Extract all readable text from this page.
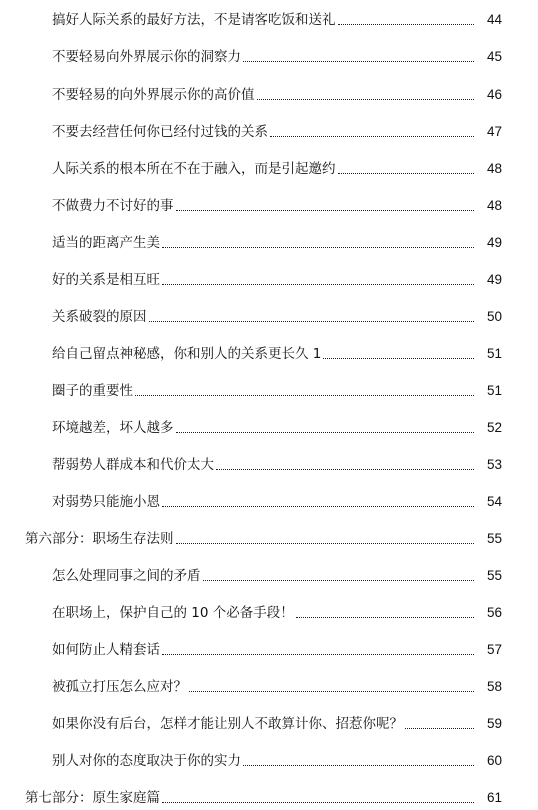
搞好人际关系的最好方法，不是请客吃饭和送礼	44
不要轻易向外界展示你的洞察力	45
不要轻易的向外界展示你的高价值	46
不要去经营任何你已经付过钱的关系	47
人际关系的根本所在不在于融入，而是引起邀约	48
不做费力不讨好的事	48
适当的距离产生美	49
好的关系是相互旺	49
关系破裂的原因	50
给自己留点神秘感，你和别人的关系更长久 1	51
圈子的重要性	51
环境越差，坏人越多	52
帮弱势人群成本和代价太大	53
对弱势只能施小恩	54
第六部分：职场生存法则	55
怎么处理同事之间的矛盾	55
在职场上，保护自己的 10 个必备手段！	56
如何防止人精套话	57
被孤立打压怎么应对？	58
如果你没有后台，怎样才能让别人不敢算计你、招惹你呢？	59
别人对你的态度取决于你的实力	60
第七部分：原生家庭篇	61
